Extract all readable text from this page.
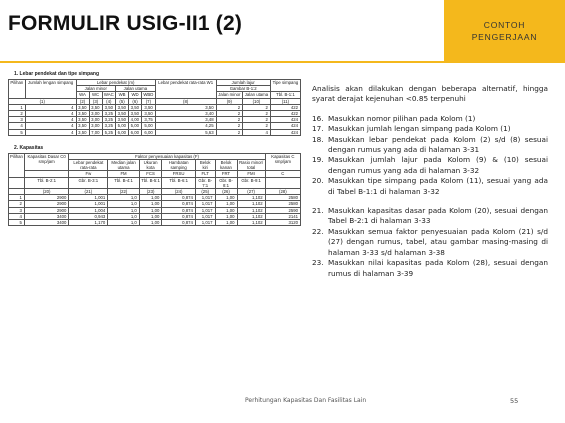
FORMULIR USIG-II1 (2)	CONTOH
PENGERJAAN
1. Lebar pendekat dan tipe simpang
Pilihan	Jumlah lengan simpang	Lebar pendekat (m)						Lebar pendekat rata-rata W1	Jumlah lajur		Tipe simpang
		Jalan minor			Jalan utama				Gambar B-1:2		
		WA	WC	WAC	WB	WD	WBD		Jalan minor	Jalan utama	Tbl. B-1:1
(1)		(2)	(3)	(4)	(5)	(6)	(7)	(8)	(9)	(10)	(11)
1	4	3,50	3,50	3,50	3,50	3,50	3,50	3,50	2	2	422
2	4	3,50	3,00	3,25	3,50	3,50	3,50	3,40	2	2	422
3	4	3,50	3,00	3,25	3,50	4,00	3,75	3,48	2	2	424
4	4	3,50	3,00	3,25	5,00	5,00	5,00	4,25	2	2	424
5	4	3,50	7,00	5,25	6,00	6,00	6,00	5,63	2	4	424
2. Kapasitas
Pilihan	Kapasitas Dasar C0 smp/jam	Faktor penyesuaian kapasitas (F)							Kapasitas C smp/jam
		Lebar pendekat rata-rata	Median jalan utama	Ukuran kota	Hambatan samping	Belok kiri	Belok kanan	Rasio minor/ total	
		Fw	FM	FCS	FRSU	FLT	FRT	FMI	C
	Tbl. B-2:1	Gbr. B-3:1	Tbl. B-4:1	Tbl. B-5:1	Tbl. B-6:1	Gbr. B-7:1	Gbr. B-8:1	Gbr. B-9:1	
	(20)	(21)	(22)	(23)	(24)	(25)	(26)	(27)	(28)
1	2900	1,001	1,0	1,00	0,874	1,017	1,00	1,102	2580
2	2900	1,001	1,0	1,00	0,874	1,017	1,00	1,102	2580
3	2900	1,004	1,0	1,00	0,874	1,017	1,00	1,102	2590
4	3400	0,943	1,0	1,00	0,874	1,017	1,00	1,102	2141
5	3400	1,170	1,0	1,00	0,874	1,017	1,00	1,102	3120
Analisis akan dilakukan dengan beberapa alternatif, hingga syarat derajat kejenuhan <0.85 terpenuhi
16. Masukkan nomor pilihan pada Kolom (1)
17. Masukkan jumlah lengan simpang pada Kolom (1)
18. Masukkan lebar pendekat pada Kolom (2) s/d (8) sesuai dengan rumus yang ada di halaman 3-31
19. Masukkan jumlah lajur pada Kolom (9) & (10) sesuai dengan rumus yang ada di halaman 3-32
20. Masukkan tipe simpang pada Kolom (11), sesuai yang ada di Tabel B-1:1 di halaman 3-32
21. Masukkan kapasitas dasar pada Kolom (20), sesuai dengan Tabel B-2:1 di halaman 3-33
22. Masukkan semua faktor penyesuaian pada Kolom (21) s/d (27) dengan rumus, tabel, atau gambar masing-masing di halaman 3-33 s/d halaman 3-38
23. Masukkan nilai kapasitas pada Kolom (28), sesuai dengan rumus di halaman 3-39
Perhitungan Kapasitas Dan Fasilitas Lain	55
